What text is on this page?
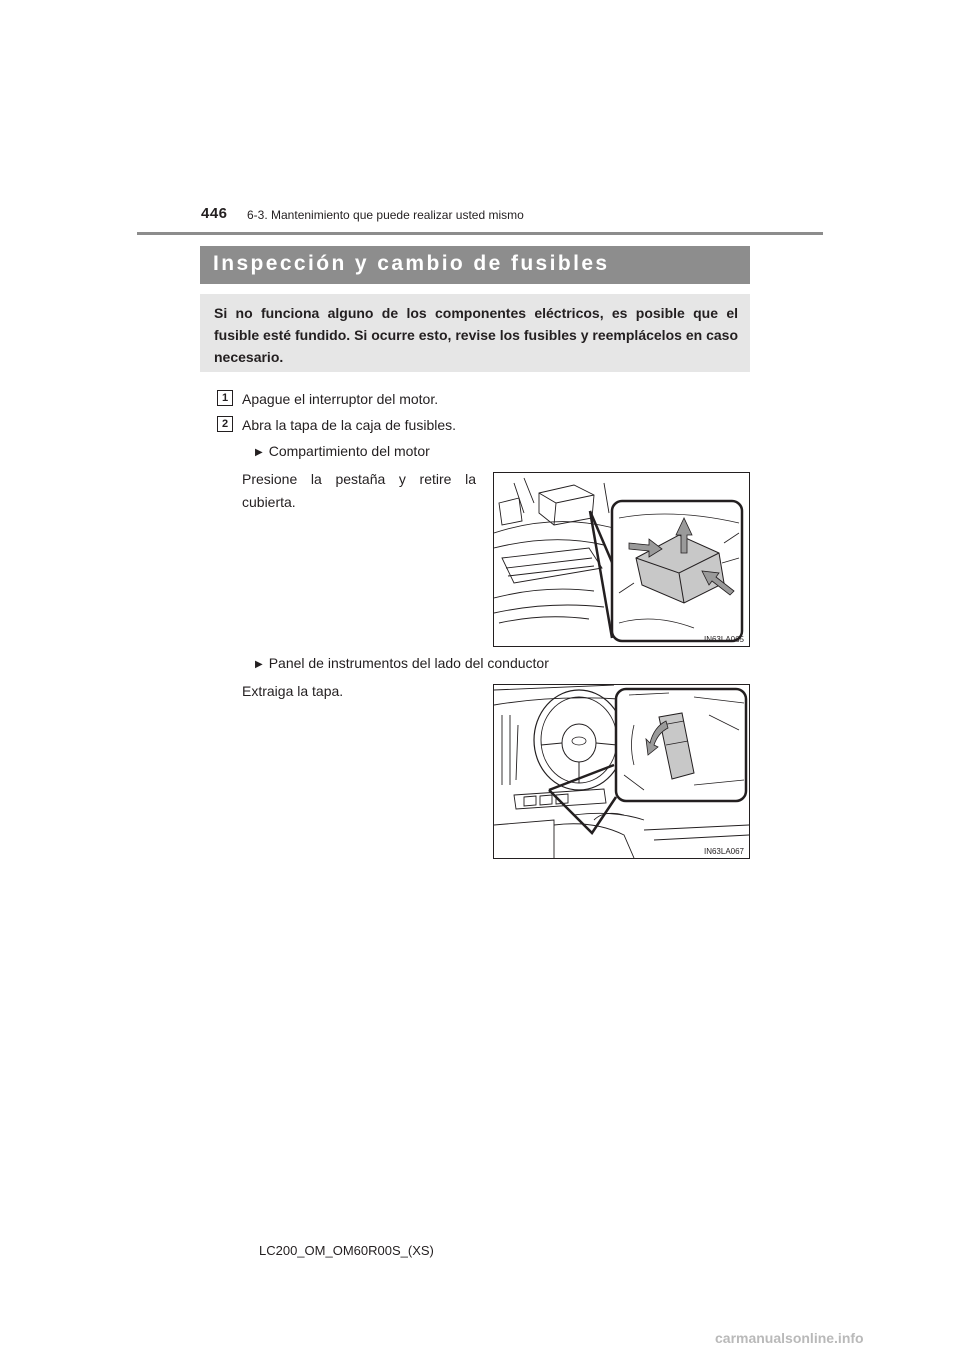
446 6-3. Mantenimiento que puede realizar usted mismo
Inspección y cambio de fusibles
Si no funciona alguno de los componentes eléctricos, es posible que el fusible esté fundido. Si ocurre esto, revise los fusibles y reemplácelos en caso necesario.
1 Apague el interruptor del motor.
2 Abra la tapa de la caja de fusibles.
▶ Compartimiento del motor
Presione la pestaña y retire la
cubierta.
IN63LA065
▶ Panel de instrumentos del lado del conductor
Extraiga la tapa.
IN63LA067
LC200_OM_OM60R00S_(XS)
carmanualsonline.info
